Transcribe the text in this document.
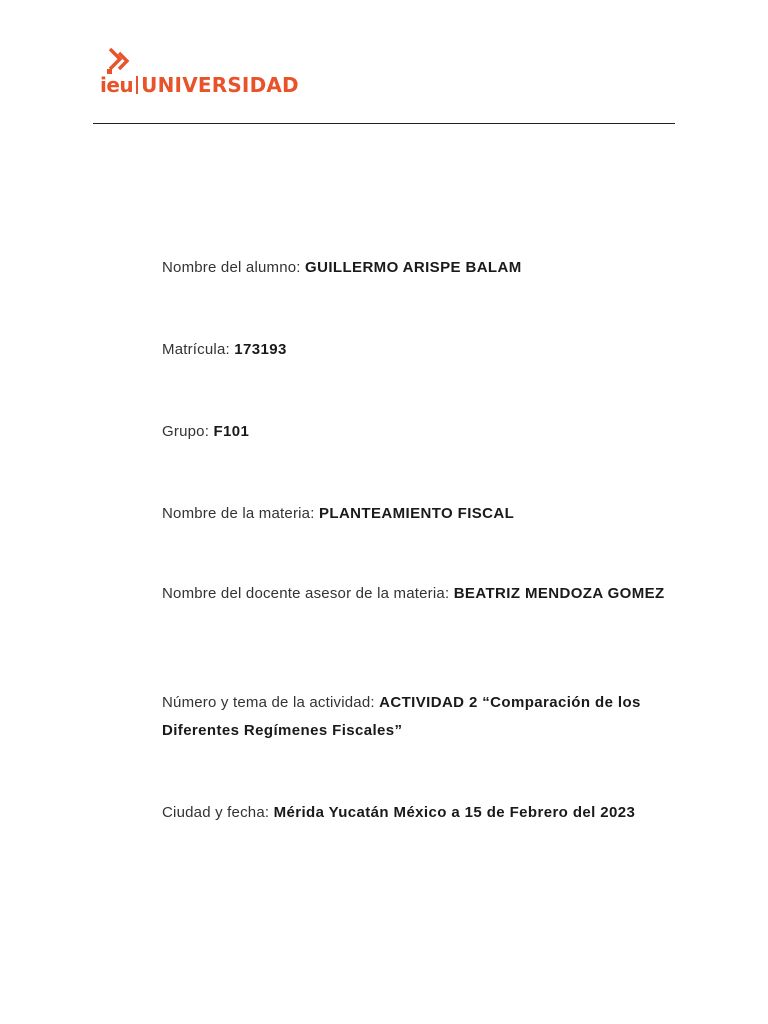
ieu UNIVERSIDAD
Nombre del alumno: GUILLERMO ARISPE BALAM
Matrícula: 173193
Grupo: F101
Nombre de la materia: PLANTEAMIENTO FISCAL
Nombre del docente asesor de la materia: BEATRIZ MENDOZA GOMEZ
Número y tema de la actividad: ACTIVIDAD 2 “Comparación de los Diferentes Regímenes Fiscales”
Ciudad y fecha: Mérida Yucatán México a 15 de Febrero del 2023
